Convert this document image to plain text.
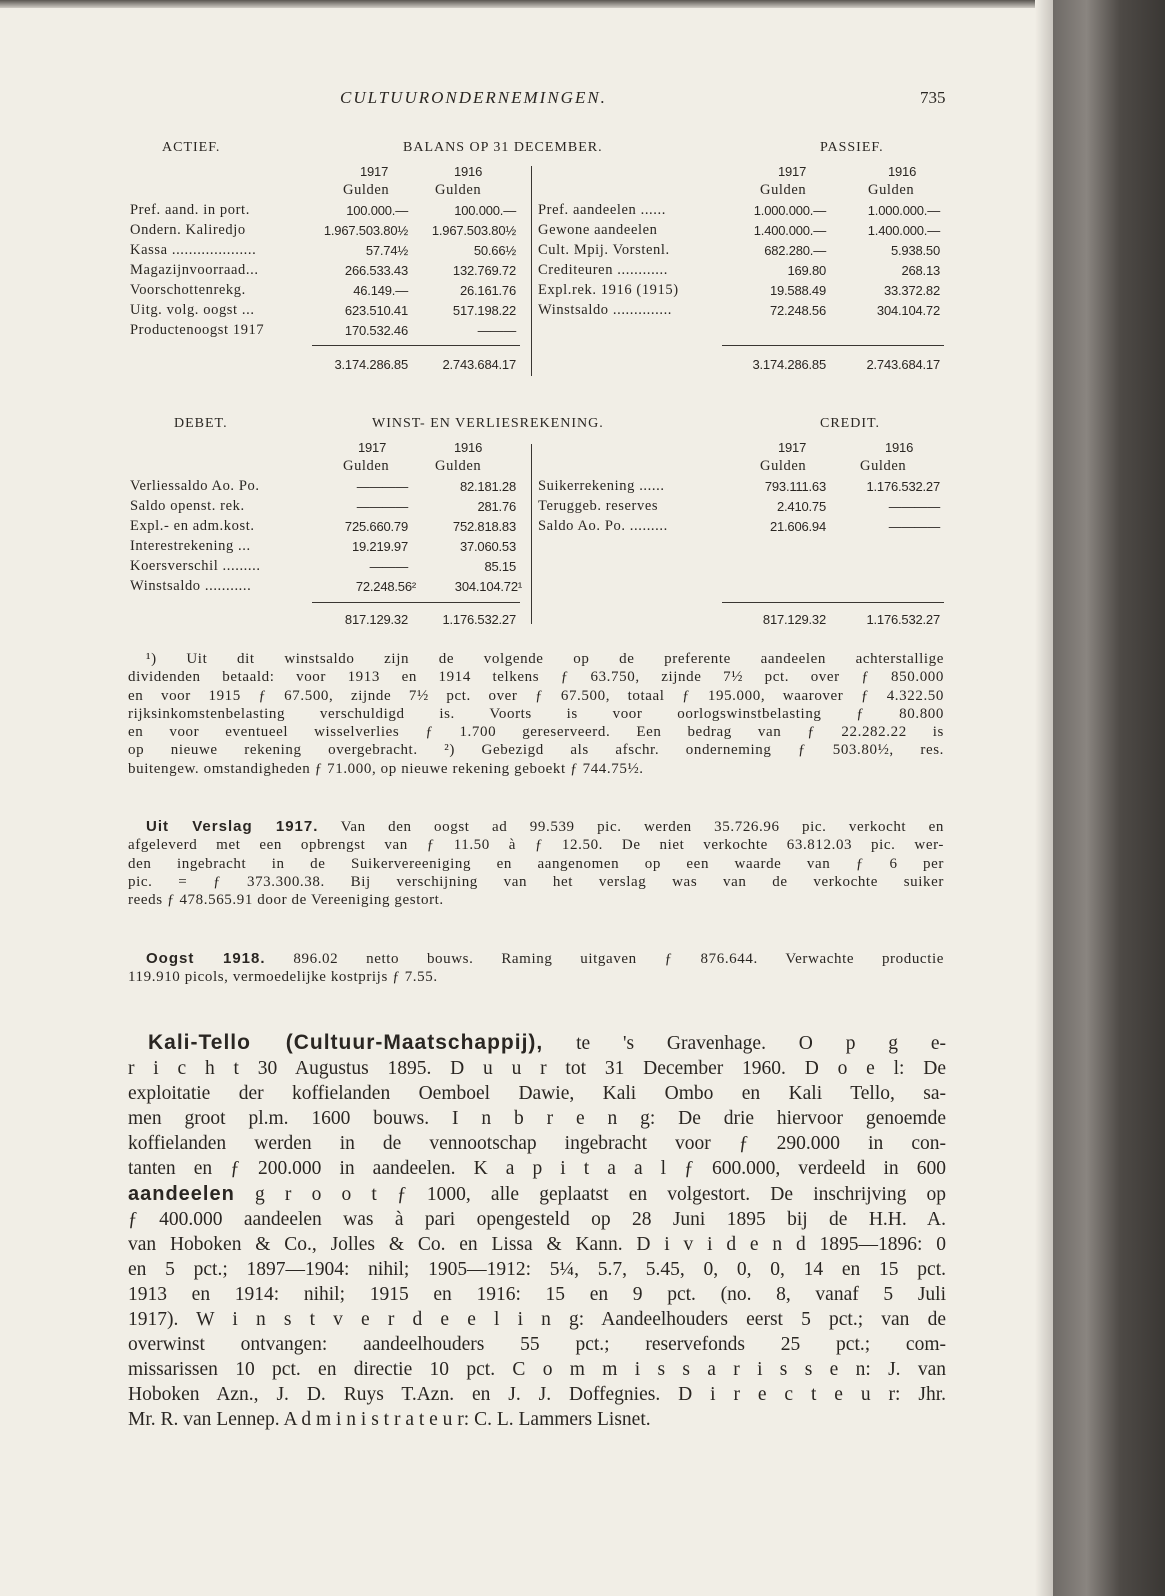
CULTUURONDERNEMINGEN.	735
ACTIEF.	BALANS OP 31 DECEMBER.	PASSIEF.
1917	1916	1917	1916
Gulden	Gulden	Gulden	Gulden
Pref. aand. in port.	100.000.—	100.000.—
Ondern. Kaliredjo	1.967.503.80½	1.967.503.80½
Kassa ....................	57.74½	50.66½
Magazijnvoorraad...	266.533.43	132.769.72
Voorschottenrekg.	46.149.—	26.161.76
Uitg. volg. oogst ...	623.510.41	517.198.22
Productenoogst 1917	170.532.46	———
Pref. aandeelen ......	1.000.000.—	1.000.000.—
Gewone aandeelen	1.400.000.—	1.400.000.—
Cult. Mpij. Vorstenl.	682.280.—	5.938.50
Crediteuren ............	169.80	268.13
Expl.rek. 1916 (1915)	19.588.49	33.372.82
Winstsaldo ..............	72.248.56	304.104.72
3.174.286.85	2.743.684.17	3.174.286.85	2.743.684.17
DEBET.	WINST- EN VERLIESREKENING.	CREDIT.
1917	1916	1917	1916
Gulden	Gulden	Gulden	Gulden
Verliessaldo Ao. Po.	————	82.181.28
Saldo openst. rek.	————	281.76
Expl.- en adm.kost.	725.660.79	752.818.83
Interestrekening ...	19.219.97	37.060.53
Koersverschil .........	———	85.15
Winstsaldo ...........	72.248.56²	304.104.72¹
Suikerrekening ......	793.111.63	1.176.532.27
Teruggeb. reserves	2.410.75	————
Saldo Ao. Po. .........	21.606.94	————
817.129.32	1.176.532.27	817.129.32	1.176.532.27
¹) Uit dit winstsaldo zijn de volgende op de preferente aandeelen achterstallige
dividenden betaald: voor 1913 en 1914 telkens ƒ 63.750, zijnde 7½ pct. over ƒ 850.000
en voor 1915 ƒ 67.500, zijnde 7½ pct. over ƒ 67.500, totaal ƒ 195.000, waarover ƒ 4.322.50
rijksinkomstenbelasting verschuldigd is. Voorts is voor oorlogswinstbelasting ƒ 80.800
en voor eventueel wisselverlies ƒ 1.700 gereserveerd. Een bedrag van ƒ 22.282.22 is
op nieuwe rekening overgebracht. ²) Gebezigd als afschr. onderneming ƒ 503.80½, res.
buitengew. omstandigheden ƒ 71.000, op nieuwe rekening geboekt ƒ 744.75½.
Uit Verslag 1917. Van den oogst ad 99.539 pic. werden 35.726.96 pic. verkocht en
afgeleverd met een opbrengst van ƒ 11.50 à ƒ 12.50. De niet verkochte 63.812.03 pic. wer-
den ingebracht in de Suikervereeniging en aangenomen op een waarde van ƒ 6 per
pic. = ƒ 373.300.38. Bij verschijning van het verslag was van de verkochte suiker
reeds ƒ 478.565.91 door de Vereeniging gestort.
Oogst 1918. 896.02 netto bouws. Raming uitgaven ƒ 876.644. Verwachte productie
119.910 picols, vermoedelijke kostprijs ƒ 7.55.
Kali-Tello (Cultuur-Maatschappij), te 's Gravenhage. O p g e-
r i c h t 30 Augustus 1895. D u u r tot 31 December 1960. D o e l: De
exploitatie der koffielanden Oemboel Dawie, Kali Ombo en Kali Tello, sa-
men groot pl.m. 1600 bouws. I n b r e n g: De drie hiervoor genoemde
koffielanden werden in de vennootschap ingebracht voor ƒ 290.000 in con-
tanten en ƒ 200.000 in aandeelen. K a p i t a a l ƒ 600.000, verdeeld in 600
aandeelen g r o o t ƒ 1000, alle geplaatst en volgestort. De inschrijving op
ƒ 400.000 aandeelen was à pari opengesteld op 28 Juni 1895 bij de H.H. A.
van Hoboken & Co., Jolles & Co. en Lissa & Kann. D i v i d e n d 1895—1896: 0
en 5 pct.; 1897—1904: nihil; 1905—1912: 5¼, 5.7, 5.45, 0, 0, 0, 14 en 15 pct.
1913 en 1914: nihil; 1915 en 1916: 15 en 9 pct. (no. 8, vanaf 5 Juli
1917). W i n s t v e r d e e l i n g: Aandeelhouders eerst 5 pct.; van de
overwinst ontvangen: aandeelhouders 55 pct.; reservefonds 25 pct.; com-
missarissen 10 pct. en directie 10 pct. C o m m i s s a r i s s e n: J. van
Hoboken Azn., J. D. Ruys T.Azn. en J. J. Doffegnies. D i r e c t e u r: Jhr.
Mr. R. van Lennep. A d m i n i s t r a t e u r: C. L. Lammers Lisnet.
